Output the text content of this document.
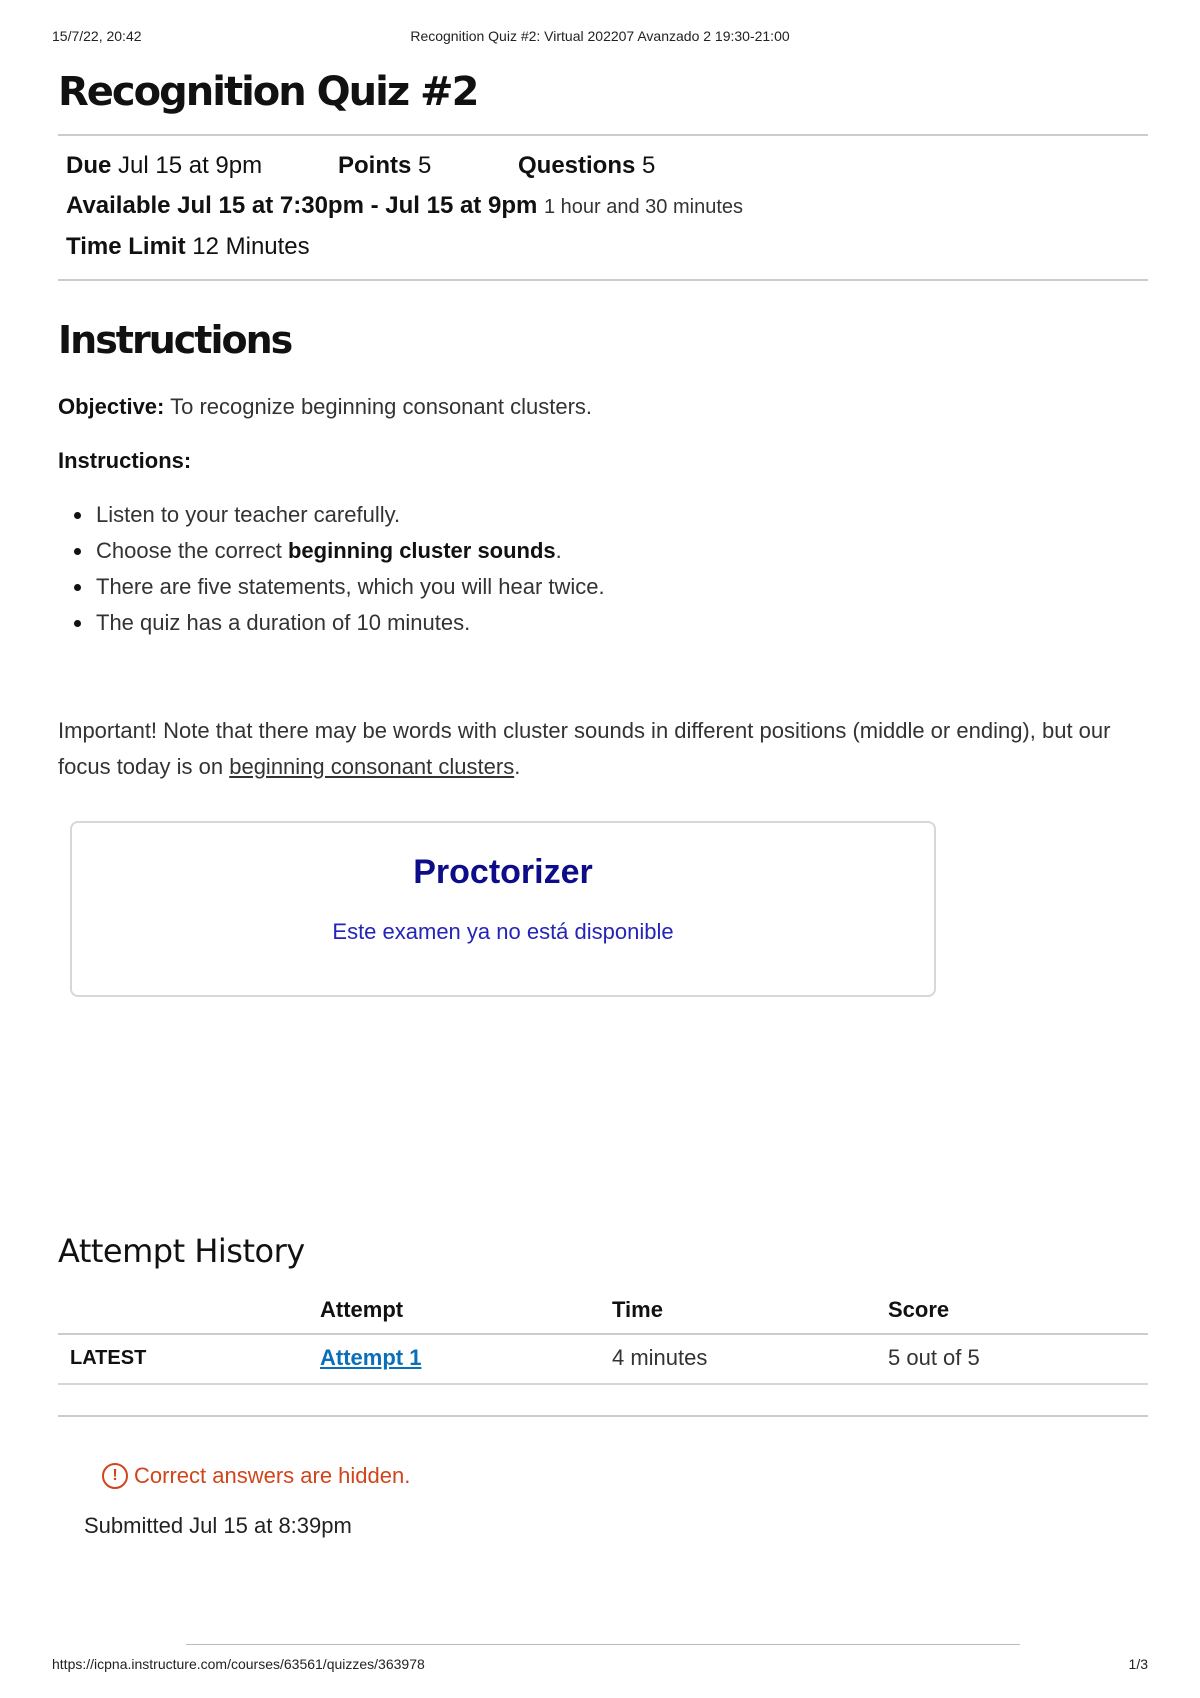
15/7/22, 20:42	Recognition Quiz #2: Virtual 202207 Avanzado 2 19:30-21:00
Recognition Quiz #2
Due Jul 15 at 9pm	Points 5	Questions 5
Available Jul 15 at 7:30pm - Jul 15 at 9pm 1 hour and 30 minutes
Time Limit 12 Minutes
Instructions

Objective: To recognize beginning consonant clusters.

Instructions:

Listen to your teacher carefully.
Choose the correct beginning cluster sounds.
There are five statements, which you will hear twice.
The quiz has a duration of 10 minutes.
Important! Note that there may be words with cluster sounds in different positions (middle or ending), but our focus today is on beginning consonant clusters.
Proctorizer
Este examen ya no está disponible
Attempt History
	Attempt	Time	Score
LATEST	Attempt 1	4 minutes	5 out of 5
! Correct answers are hidden.
Submitted Jul 15 at 8:39pm
https://icpna.instructure.com/courses/63561/quizzes/363978	1/3
